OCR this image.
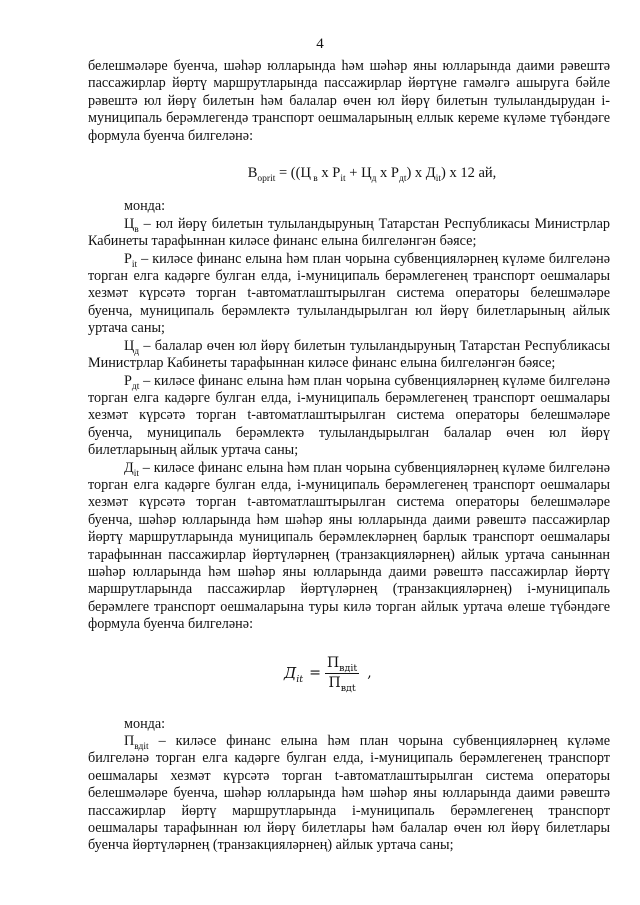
4

белешмәләре буенча, шәһәр юлларында һәм шәһәр яны юлларында даими рәвештә пассажирлар йөртү маршрутларында пассажирлар йөртүне гамәлгә ашыруга бәйле рәвештә юл йөрү билетын һәм балалар өчен юл йөрү билетын тулыландырудан i-муниципаль берәмлегендә транспорт оешмаларының еллык кереме күләме түбәндәге формула буенча билгеләнә:

$B_{oprit} = ((Ц$ $_в$ x $P_{it} + Ц_д$ x $P_{дt}$) x $Д_{it}$) x 12 ай,

монда:

$Ц_в$ – юл йөрү билетын тулыландыруның Татарстан Республикасы Министрлар Кабинеты тарафыннан киләсе финанс елына билгеләнгән бәясе;

$P_{it}$ – киләсе финанс елына һәм план чорына субвенцияләрнең күләме билгеләнә торган елга кадәрге булган елда, i-муниципаль берәмлегенең транспорт оешмалары хезмәт күрсәтә торган t-автоматлаштырылган система операторы белешмәләре буенча, муниципаль берәмлектә тулыландырылган юл йөрү билетларының айлык уртача саны;

$Ц_д$ – балалар өчен юл йөрү билетын тулыландыруның Татарстан Республикасы Министрлар Кабинеты тарафыннан киләсе финанс елына билгеләнгән бәясе;

$P_{дt}$ – киләсе финанс елына һәм план чорына субвенцияләрнең күләме билгеләнә торган елга кадәрге булган елда, i-муниципаль берәмлегенең транспорт оешмалары хезмәт күрсәтә торган t-автоматлаштырылган система операторы белешмәләре буенча, муниципаль берәмлектә тулыландырылган балалар өчен юл йөрү билетларының айлык уртача саны;

$Д_{it}$ – киләсе финанс елына һәм план чорына субвенцияләрнең күләме билгеләнә торган елга кадәрге булган елда, i-муниципаль берәмлегенең транспорт оешмалары хезмәт күрсәтә торган t-автоматлаштырылган система операторы белешмәләре буенча, шәһәр юлларында һәм шәһәр яны юлларында даими рәвештә пассажирлар йөртү маршрутларында муниципаль берәмлекләрнең барлык транспорт оешмалары тарафыннан пассажирлар йөртүләрнең (транзакцияләрнең) айлык уртача саныннан шәһәр юлларында һәм шәһәр яны юлларында даими рәвештә пассажирлар йөртү маршрутларында пассажирлар йөртүләрнең (транзакцияләрнең) i-муниципаль берәмлеге транспорт оешмаларына туры килә торган айлык уртача өлеше түбәндәге формула буенча билгеләнә:

$Д_{it} = \frac{П_{вдit}}{П_{вдt}}$ ,

монда:

$П_{вдit}$ – киләсе финанс елына һәм план чорына субвенцияләрнең күләме билгеләнә торган елга кадәрге булган елда, i-муниципаль берәмлегенең транспорт оешмалары хезмәт күрсәтә торган t-автоматлаштырылган система операторы белешмәләре буенча, шәһәр юлларында һәм шәһәр яны юлларында даими рәвештә пассажирлар йөртү маршрутларында i-муниципаль берәмлегенең транспорт оешмалары тарафыннан юл йөрү билетлары һәм балалар өчен юл йөрү билетлары буенча йөртүләрнең (транзакцияләрнең) айлык уртача саны;
